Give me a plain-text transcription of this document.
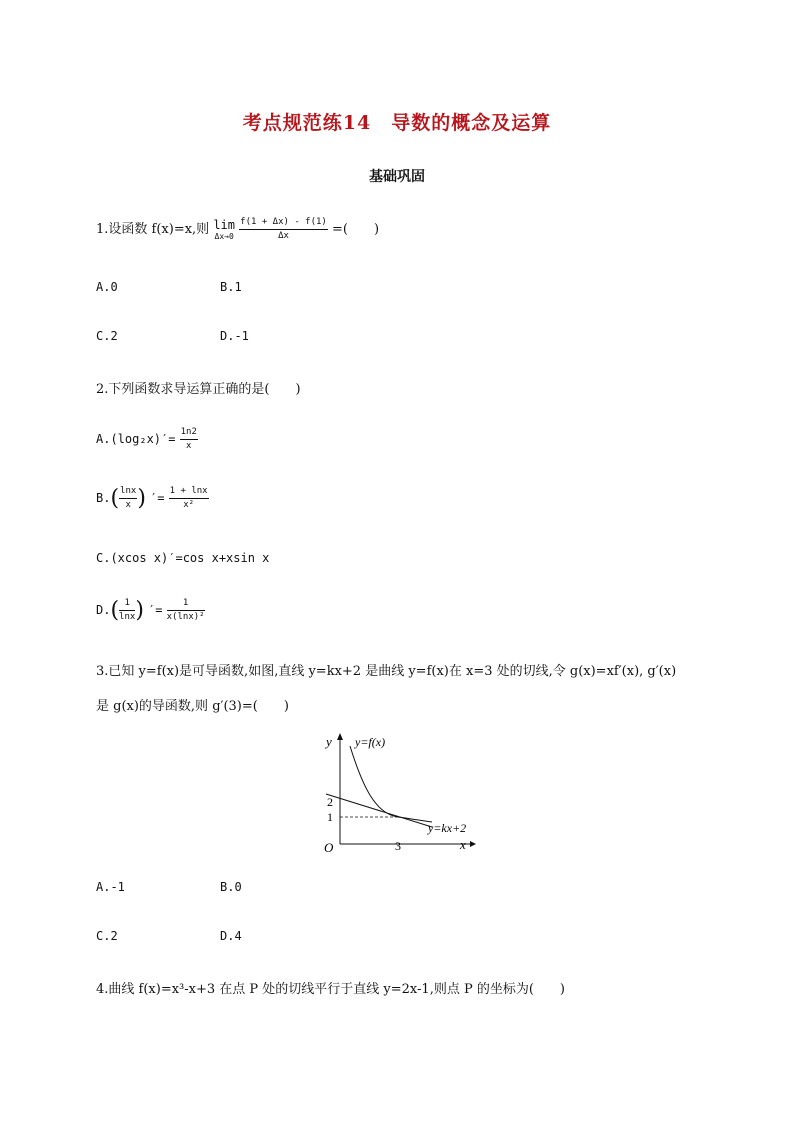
考点规范练14　导数的概念及运算
基础巩固
1.设函数 f(x)=x,则 lim
Δx→0
$\frac{f(1 + \Delta x) - f(1)}{\Delta x}$ =(　　)
A.0	B.1
C.2	D.-1
2.下列函数求导运算正确的是(　　)
$A.(\log_2x)'= \frac{1n2}{x}$
$B.( \frac{\ln x}{x}$ ) ′= $\frac{1 + \ln x}{\text{x²}}$
C.(xcos x)′=cos x+xsin x
$D.( \frac{1}{\ln x}$ ) ′= $\frac{1}{\text{x(lnx)²}}$
3.已知 y=f(x)是可导函数,如图,直线 y=kx+2 是曲线 y=f(x)在 x=3 处的切线,令 g(x)=xf′(x), g′(x)
是 g(x)的导函数,则 g′(3)=(　　)
y
x
O
y=f(x)
y=kx+2
2
1
3
A.-1	B.0
C.2	D.4
4.曲线 f(x)=x³-x+3 在点 P 处的切线平行于直线 y=2x-1,则点 P 的坐标为(　　)
